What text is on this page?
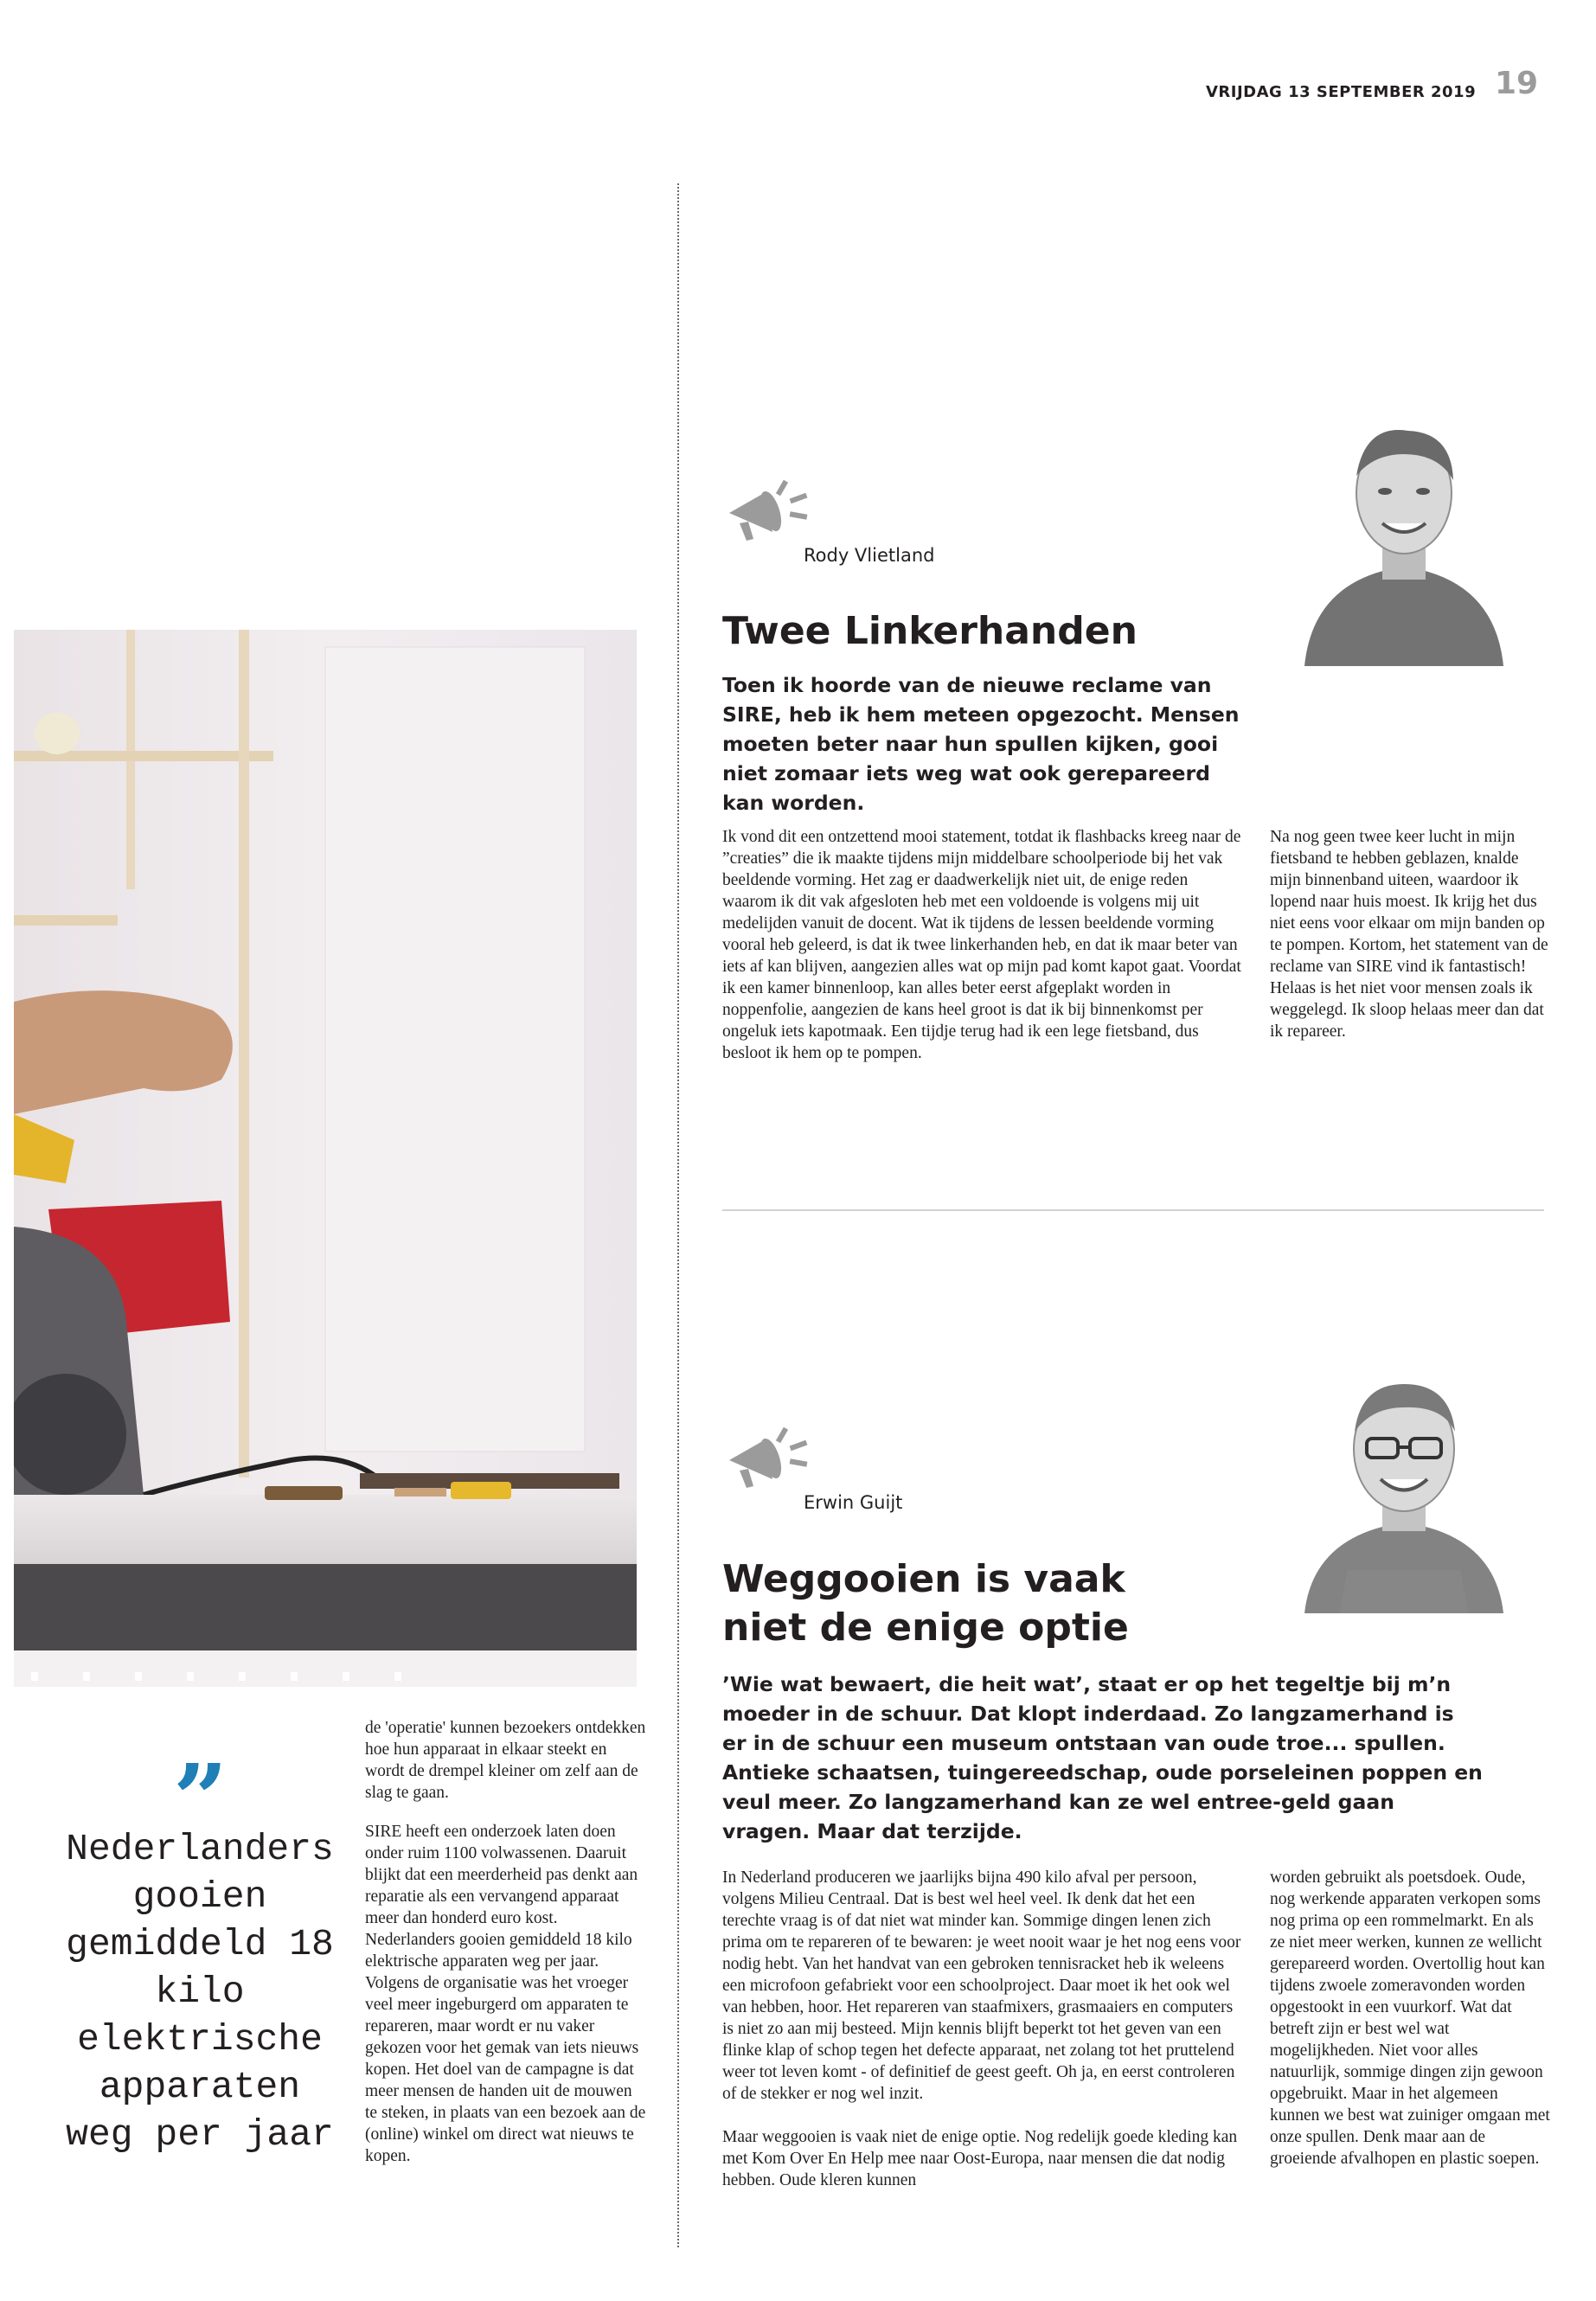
VRIJDAG 13 SEPTEMBER 2019 19
”
Nederlanders gooien gemiddeld 18 kilo elektrische apparaten weg per jaar

de 'operatie' kunnen bezoekers ontdekken hoe hun apparaat in elkaar steekt en wordt de drempel kleiner om zelf aan de slag te gaan.

SIRE heeft een onderzoek laten doen onder ruim 1100 volwassenen. Daaruit blijkt dat een meerderheid pas denkt aan reparatie als een vervangend apparaat meer dan honderd euro kost. Nederlanders gooien gemiddeld 18 kilo elektrische apparaten weg per jaar. Volgens de organisatie was het vroeger veel meer ingeburgerd om apparaten te repareren, maar wordt er nu vaker gekozen voor het gemak van iets nieuws kopen. Het doel van de campagne is dat meer mensen de handen uit de mouwen te steken, in plaats van een bezoek aan de (online) winkel om direct wat nieuws te kopen.

Rody Vlietland
Twee Linkerhanden
Toen ik hoorde van de nieuwe reclame van SIRE, heb ik hem meteen opgezocht. Mensen moeten beter naar hun spullen kijken, gooi niet zomaar iets weg wat ook gerepareerd kan worden.
Ik vond dit een ontzettend mooi statement, totdat ik flashbacks kreeg naar de ”creaties” die ik maakte tijdens mijn middelbare schoolperiode bij het vak beeldende vorming. Het zag er daadwerkelijk niet uit, de enige reden waarom ik dit vak afgesloten heb met een voldoende is volgens mij uit medelijden vanuit de docent. Wat ik tijdens de lessen beeldende vorming vooral heb geleerd, is dat ik twee linkerhanden heb, en dat ik maar beter van iets af kan blijven, aangezien alles wat op mijn pad komt kapot gaat. Voordat ik een kamer binnenloop, kan alles beter eerst afgeplakt worden in noppenfolie, aangezien de kans heel groot is dat ik bij binnenkomst per ongeluk iets kapotmaak. Een tijdje terug had ik een lege fietsband, dus besloot ik hem op te pompen.
Na nog geen twee keer lucht in mijn fietsband te hebben geblazen, knalde mijn binnenband uiteen, waardoor ik lopend naar huis moest. Ik krijg het dus niet eens voor elkaar om mijn banden op te pompen. Kortom, het statement van de reclame van SIRE vind ik fantastisch! Helaas is het niet voor mensen zoals ik weggelegd. Ik sloop helaas meer dan dat ik repareer.
Erwin Guijt
Weggooien is vaak
niet de enige optie
’Wie wat bewaert, die heit wat’, staat er op het tegeltje bij m’n moeder in de schuur. Dat klopt inderdaad. Zo langzamerhand is er in de schuur een museum ontstaan van oude troe... spullen. Antieke schaatsen, tuingereedschap, oude porseleinen poppen en veul meer. Zo langzamerhand kan ze wel entree-geld gaan vragen. Maar dat terzijde.

In Nederland produceren we jaarlijks bijna 490 kilo afval per persoon, volgens Milieu Centraal. Dat is best wel heel veel. Ik denk dat het een terechte vraag is of dat niet wat minder kan. Sommige dingen lenen zich prima om te repareren of te bewaren: je weet nooit waar je het nog eens voor nodig hebt. Van het handvat van een gebroken tennisracket heb ik weleens een microfoon gefabriekt voor een schoolproject. Daar moet ik het ook wel van hebben, hoor. Het repareren van staafmixers, grasmaaiers en computers is niet zo aan mij besteed. Mijn kennis blijft beperkt tot het geven van een flinke klap of schop tegen het defecte apparaat, net zolang tot het pruttelend weer tot leven komt - of definitief de geest geeft. Oh ja, en eerst controleren of de stekker er nog wel inzit.

Maar weggooien is vaak niet de enige optie. Nog redelijk goede kleding kan met Kom Over En Help mee naar Oost-Europa, naar mensen die dat nodig hebben. Oude kleren kunnen

worden gebruikt als poetsdoek. Oude, nog werkende apparaten verkopen soms nog prima op een rommelmarkt. En als ze niet meer werken, kunnen ze wellicht gerepareerd worden. Overtollig hout kan tijdens zwoele zomeravonden worden opgestookt in een vuurkorf. Wat dat betreft zijn er best wel wat mogelijkheden. Niet voor alles natuurlijk, sommige dingen zijn gewoon opgebruikt. Maar in het algemeen kunnen we best wat zuiniger omgaan met onze spullen. Denk maar aan de groeiende afvalhopen en plastic soepen.
